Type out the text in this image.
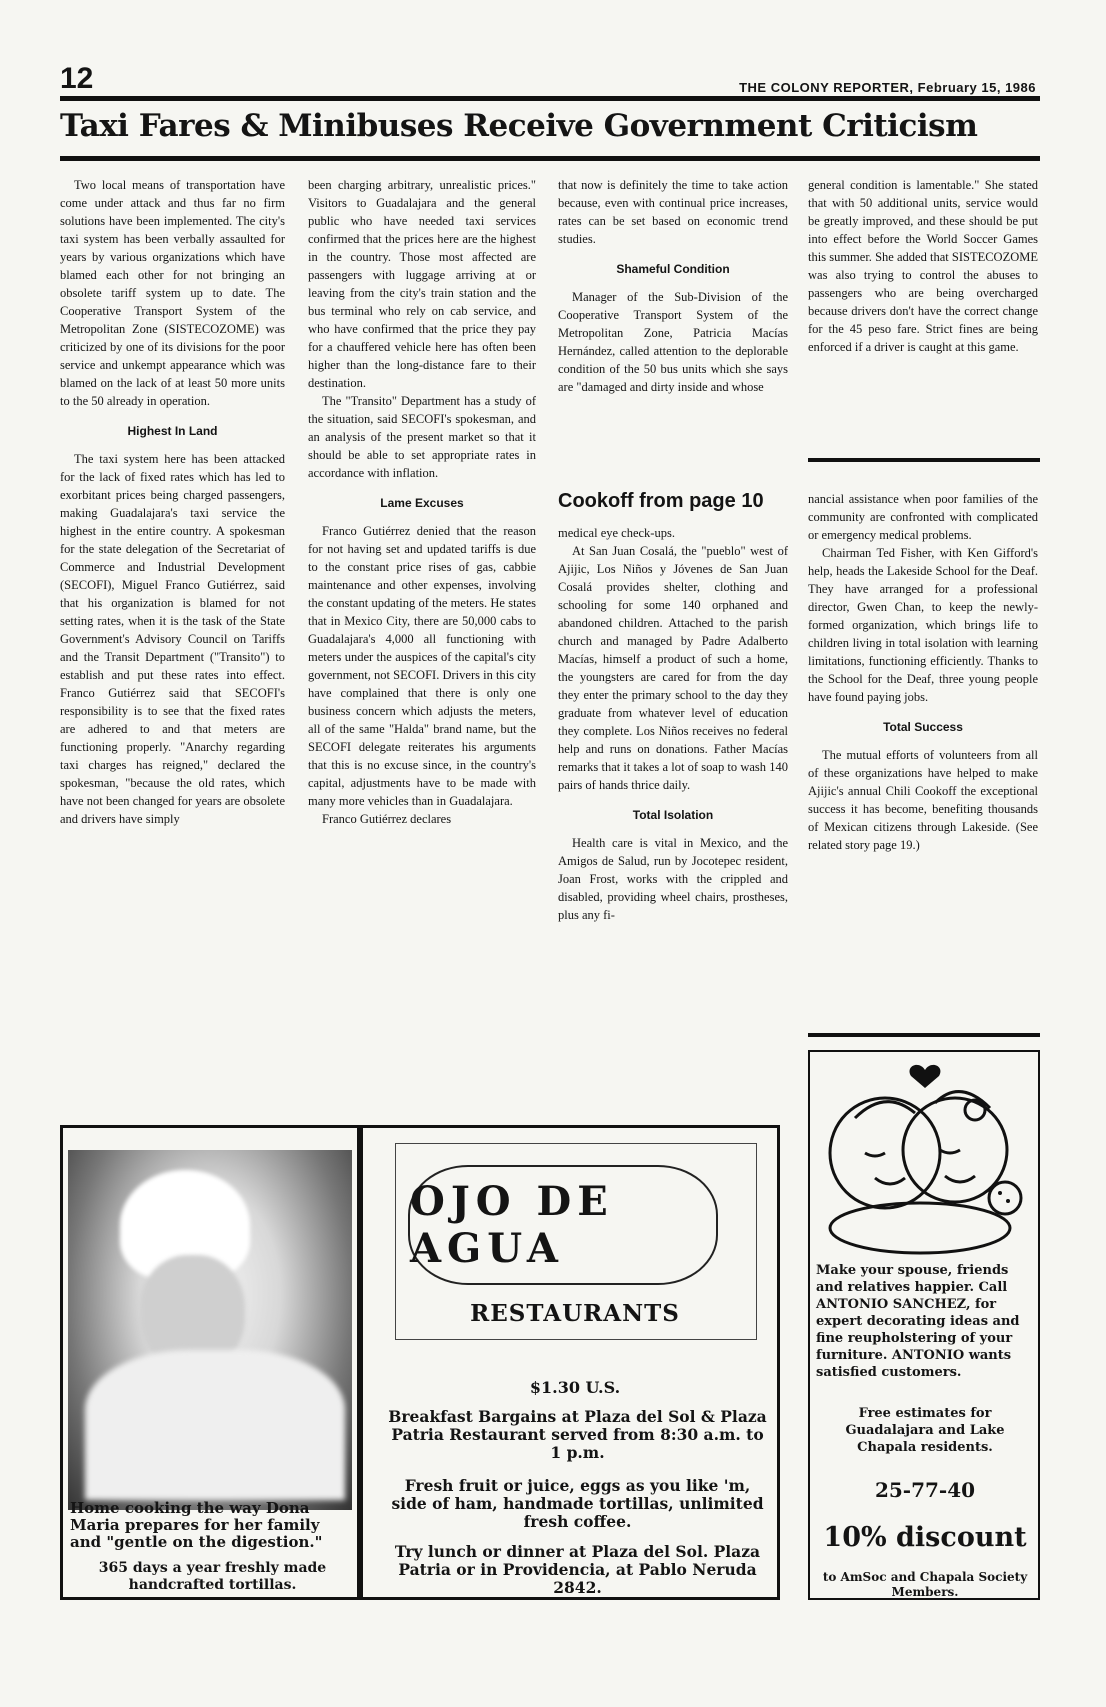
12	THE COLONY REPORTER, February 15, 1986
Taxi Fares & Minibuses Receive Government Criticism

Two local means of transportation have come under attack and thus far no firm solutions have been implemented. The city's taxi system has been verbally assaulted for years by various organizations which have blamed each other for not bringing an obsolete tariff system up to date. The Cooperative Transport System of the Metropolitan Zone (SISTECOZOME) was criticized by one of its divisions for the poor service and unkempt appearance which was blamed on the lack of at least 50 more units to the 50 already in operation.

Highest In Land

The taxi system here has been attacked for the lack of fixed rates which has led to exorbitant prices being charged passengers, making Guadalajara's taxi service the highest in the entire country. A spokesman for the state delegation of the Secretariat of Commerce and Industrial Development (SECOFI), Miguel Franco Gutiérrez, said that his organization is blamed for not setting rates, when it is the task of the State Government's Advisory Council on Tariffs and the Transit Department ("Transito") to establish and put these rates into effect. Franco Gutiérrez said that SECOFI's responsibility is to see that the fixed rates are adhered to and that meters are functioning properly. "Anarchy regarding taxi charges has reigned," declared the spokesman, "because the old rates, which have not been changed for years are obsolete and drivers have simply

been charging arbitrary, unrealistic prices." Visitors to Guadalajara and the general public who have needed taxi services confirmed that the prices here are the highest in the country. Those most affected are passengers with luggage arriving at or leaving from the city's train station and the bus terminal who rely on cab service, and who have confirmed that the price they pay for a chauffered vehicle here has often been higher than the long-distance fare to their destination.

The "Transito" Department has a study of the situation, said SECOFI's spokesman, and an analysis of the present market so that it should be able to set appropriate rates in accordance with inflation.

Lame Excuses

Franco Gutiérrez denied that the reason for not having set and updated tariffs is due to the constant price rises of gas, cabbie maintenance and other expenses, involving the constant updating of the meters. He states that in Mexico City, there are 50,000 cabs to Guadalajara's 4,000 all functioning with meters under the auspices of the capital's city government, not SECOFI. Drivers in this city have complained that there is only one business concern which adjusts the meters, all of the same "Halda" brand name, but the SECOFI delegate reiterates his arguments that this is no excuse since, in the country's capital, adjustments have to be made with many more vehicles than in Guadalajara.

Franco Gutiérrez declares

that now is definitely the time to take action because, even with continual price increases, rates can be set based on economic trend studies.

Shameful Condition

Manager of the Sub-Division of the Cooperative Transport System of the Metropolitan Zone, Patricia Macías Hernández, called attention to the deplorable condition of the 50 bus units which she says are "damaged and dirty inside and whose

general condition is lamentable." She stated that with 50 additional units, service would be greatly improved, and these should be put into effect before the World Soccer Games this summer. She added that SISTECOZOME was also trying to control the abuses to passengers who are being overcharged because drivers don't have the correct change for the 45 peso fare. Strict fines are being enforced if a driver is caught at this game.

Cookoff from page 10

medical eye check-ups.

At San Juan Cosalá, the "pueblo" west of Ajijic, Los Niños y Jóvenes de San Juan Cosalá provides shelter, clothing and schooling for some 140 orphaned and abandoned children. Attached to the parish church and managed by Padre Adalberto Macías, himself a product of such a home, the youngsters are cared for from the day they enter the primary school to the day they graduate from whatever level of education they complete. Los Niños receives no federal help and runs on donations. Father Macías remarks that it takes a lot of soap to wash 140 pairs of hands thrice daily.

Total Isolation

Health care is vital in Mexico, and the Amigos de Salud, run by Jocotepec resident, Joan Frost, works with the crippled and disabled, providing wheel chairs, prostheses, plus any fi-

nancial assistance when poor families of the community are confronted with complicated or emergency medical problems.

Chairman Ted Fisher, with Ken Gifford's help, heads the Lakeside School for the Deaf. They have arranged for a professional director, Gwen Chan, to keep the newly-formed organization, which brings life to children living in total isolation with learning limitations, functioning efficiently. Thanks to the School for the Deaf, three young people have found paying jobs.

Total Success

The mutual efforts of volunteers from all of these organizations have helped to make Ajijic's annual Chili Cookoff the exceptional success it has become, benefiting thousands of Mexican citizens through Lakeside. (See related story page 19.)

Home cooking the way Dona Maria prepares for her family and "gentle on the digestion."
365 days a year freshly made handcrafted tortillas.
OJO DE AGUA
RESTAURANTS
$1.30 U.S.
Breakfast Bargains at Plaza del Sol & Plaza Patria Restaurant served from 8:30 a.m. to 1 p.m.
Fresh fruit or juice, eggs as you like 'm, side of ham, handmade tortillas, unlimited fresh coffee.
Try lunch or dinner at Plaza del Sol. Plaza Patria or in Providencia, at Pablo Neruda 2842.
Make your spouse, friends and relatives happier. Call ANTONIO SANCHEZ, for expert decorating ideas and fine reupholstering of your furniture. ANTONIO wants satisfied customers.
Free estimates for Guadalajara and Lake Chapala residents.
25-77-40
10% discount
to AmSoc and Chapala Society Members.
